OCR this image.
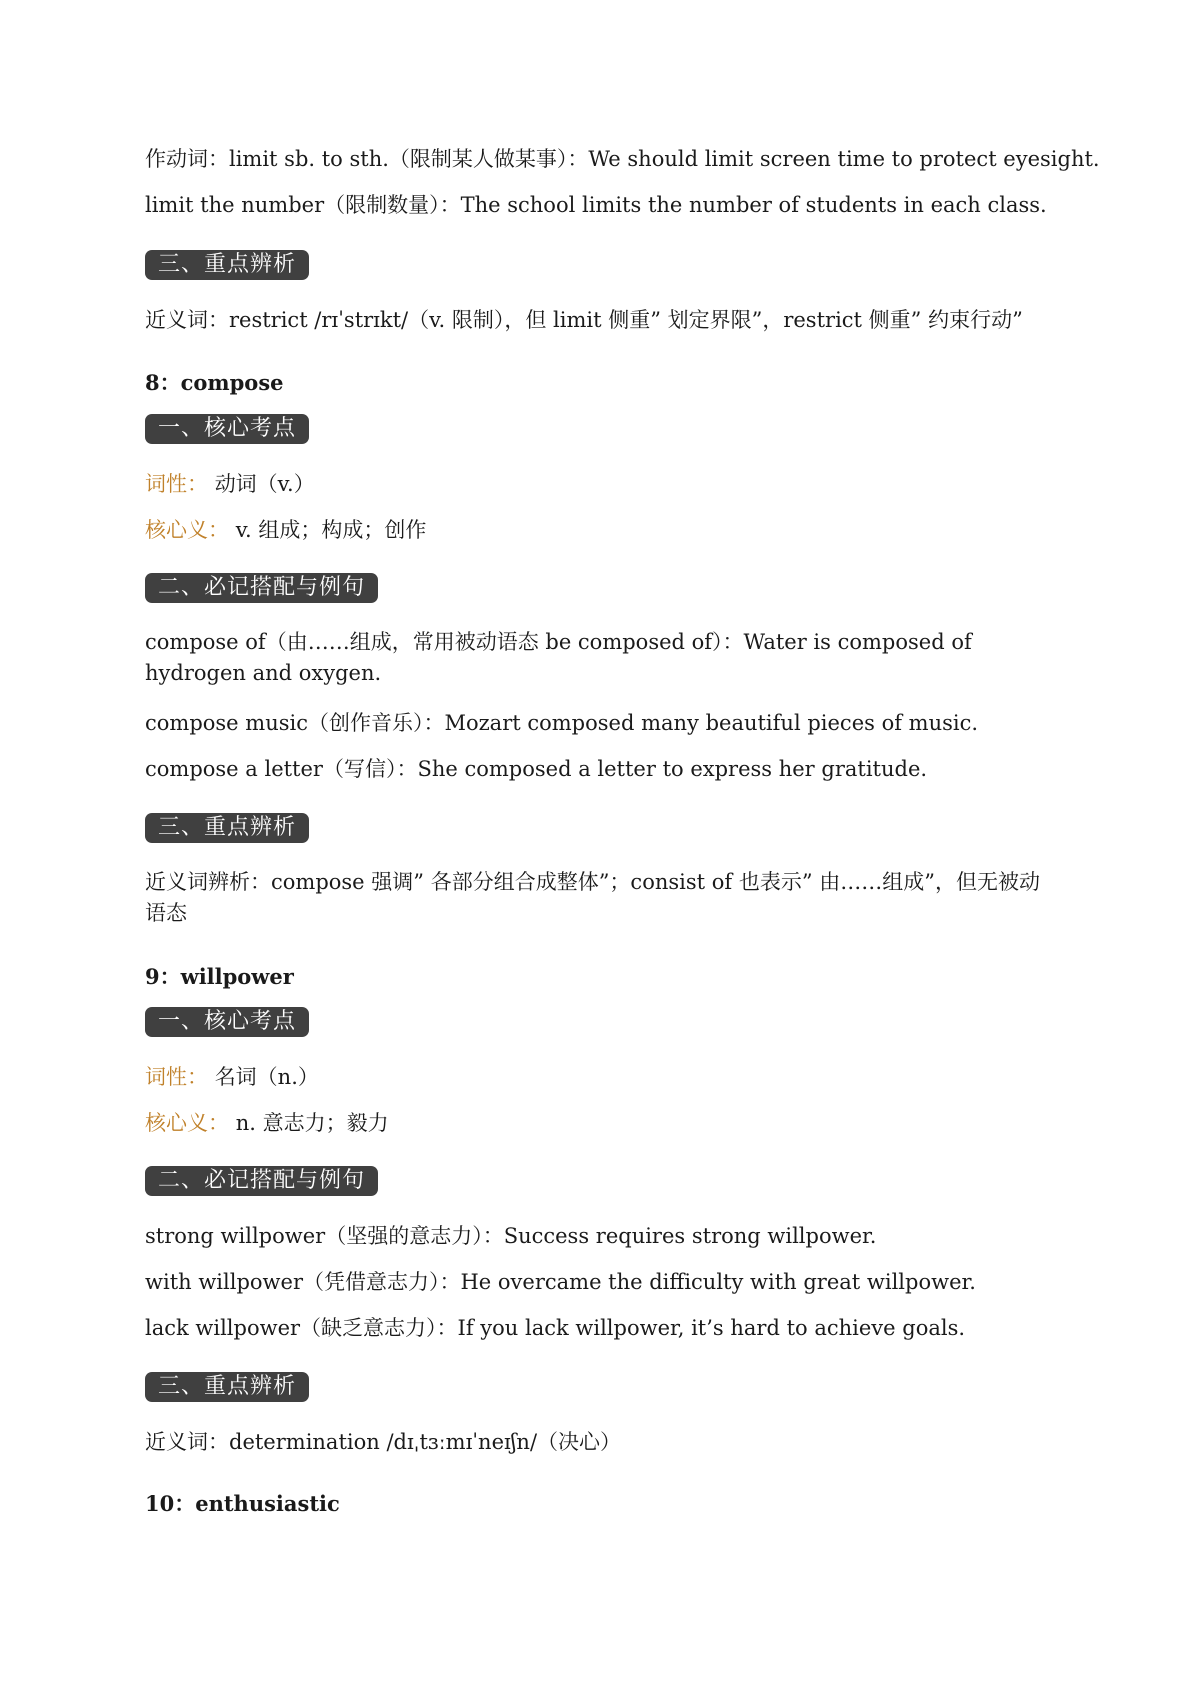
作动词：limit sb. to sth.（限制某人做某事）：We should limit screen time to protect eyesight.

limit the number（限制数量）：The school limits the number of students in each class.

三、重点辨析

近义词：restrict /rɪˈstrɪkt/（v. 限制），但 limit 侧重” 划定界限”，restrict 侧重” 约束行动”

8：compose

一、核心考点

词性： 动词（v.）

核心义： v. 组成；构成；创作

二、必记搭配与例句

compose of（由……组成，常用被动语态 be composed of）：Water is composed of hydrogen and oxygen.

compose music（创作音乐）：Mozart composed many beautiful pieces of music.

compose a letter（写信）：She composed a letter to express her gratitude.

三、重点辨析

近义词辨析：compose 强调” 各部分组合成整体”；consist of 也表示” 由……组成”，但无被动语态

9：willpower

一、核心考点

词性： 名词（n.）

核心义： n. 意志力；毅力

二、必记搭配与例句

strong willpower（坚强的意志力）：Success requires strong willpower.

with willpower（凭借意志力）：He overcame the difficulty with great willpower.

lack willpower（缺乏意志力）：If you lack willpower, it’s hard to achieve goals.

三、重点辨析

近义词：determination /dɪˌtɜːmɪˈneɪʃn/（决心）

10：enthusiastic
